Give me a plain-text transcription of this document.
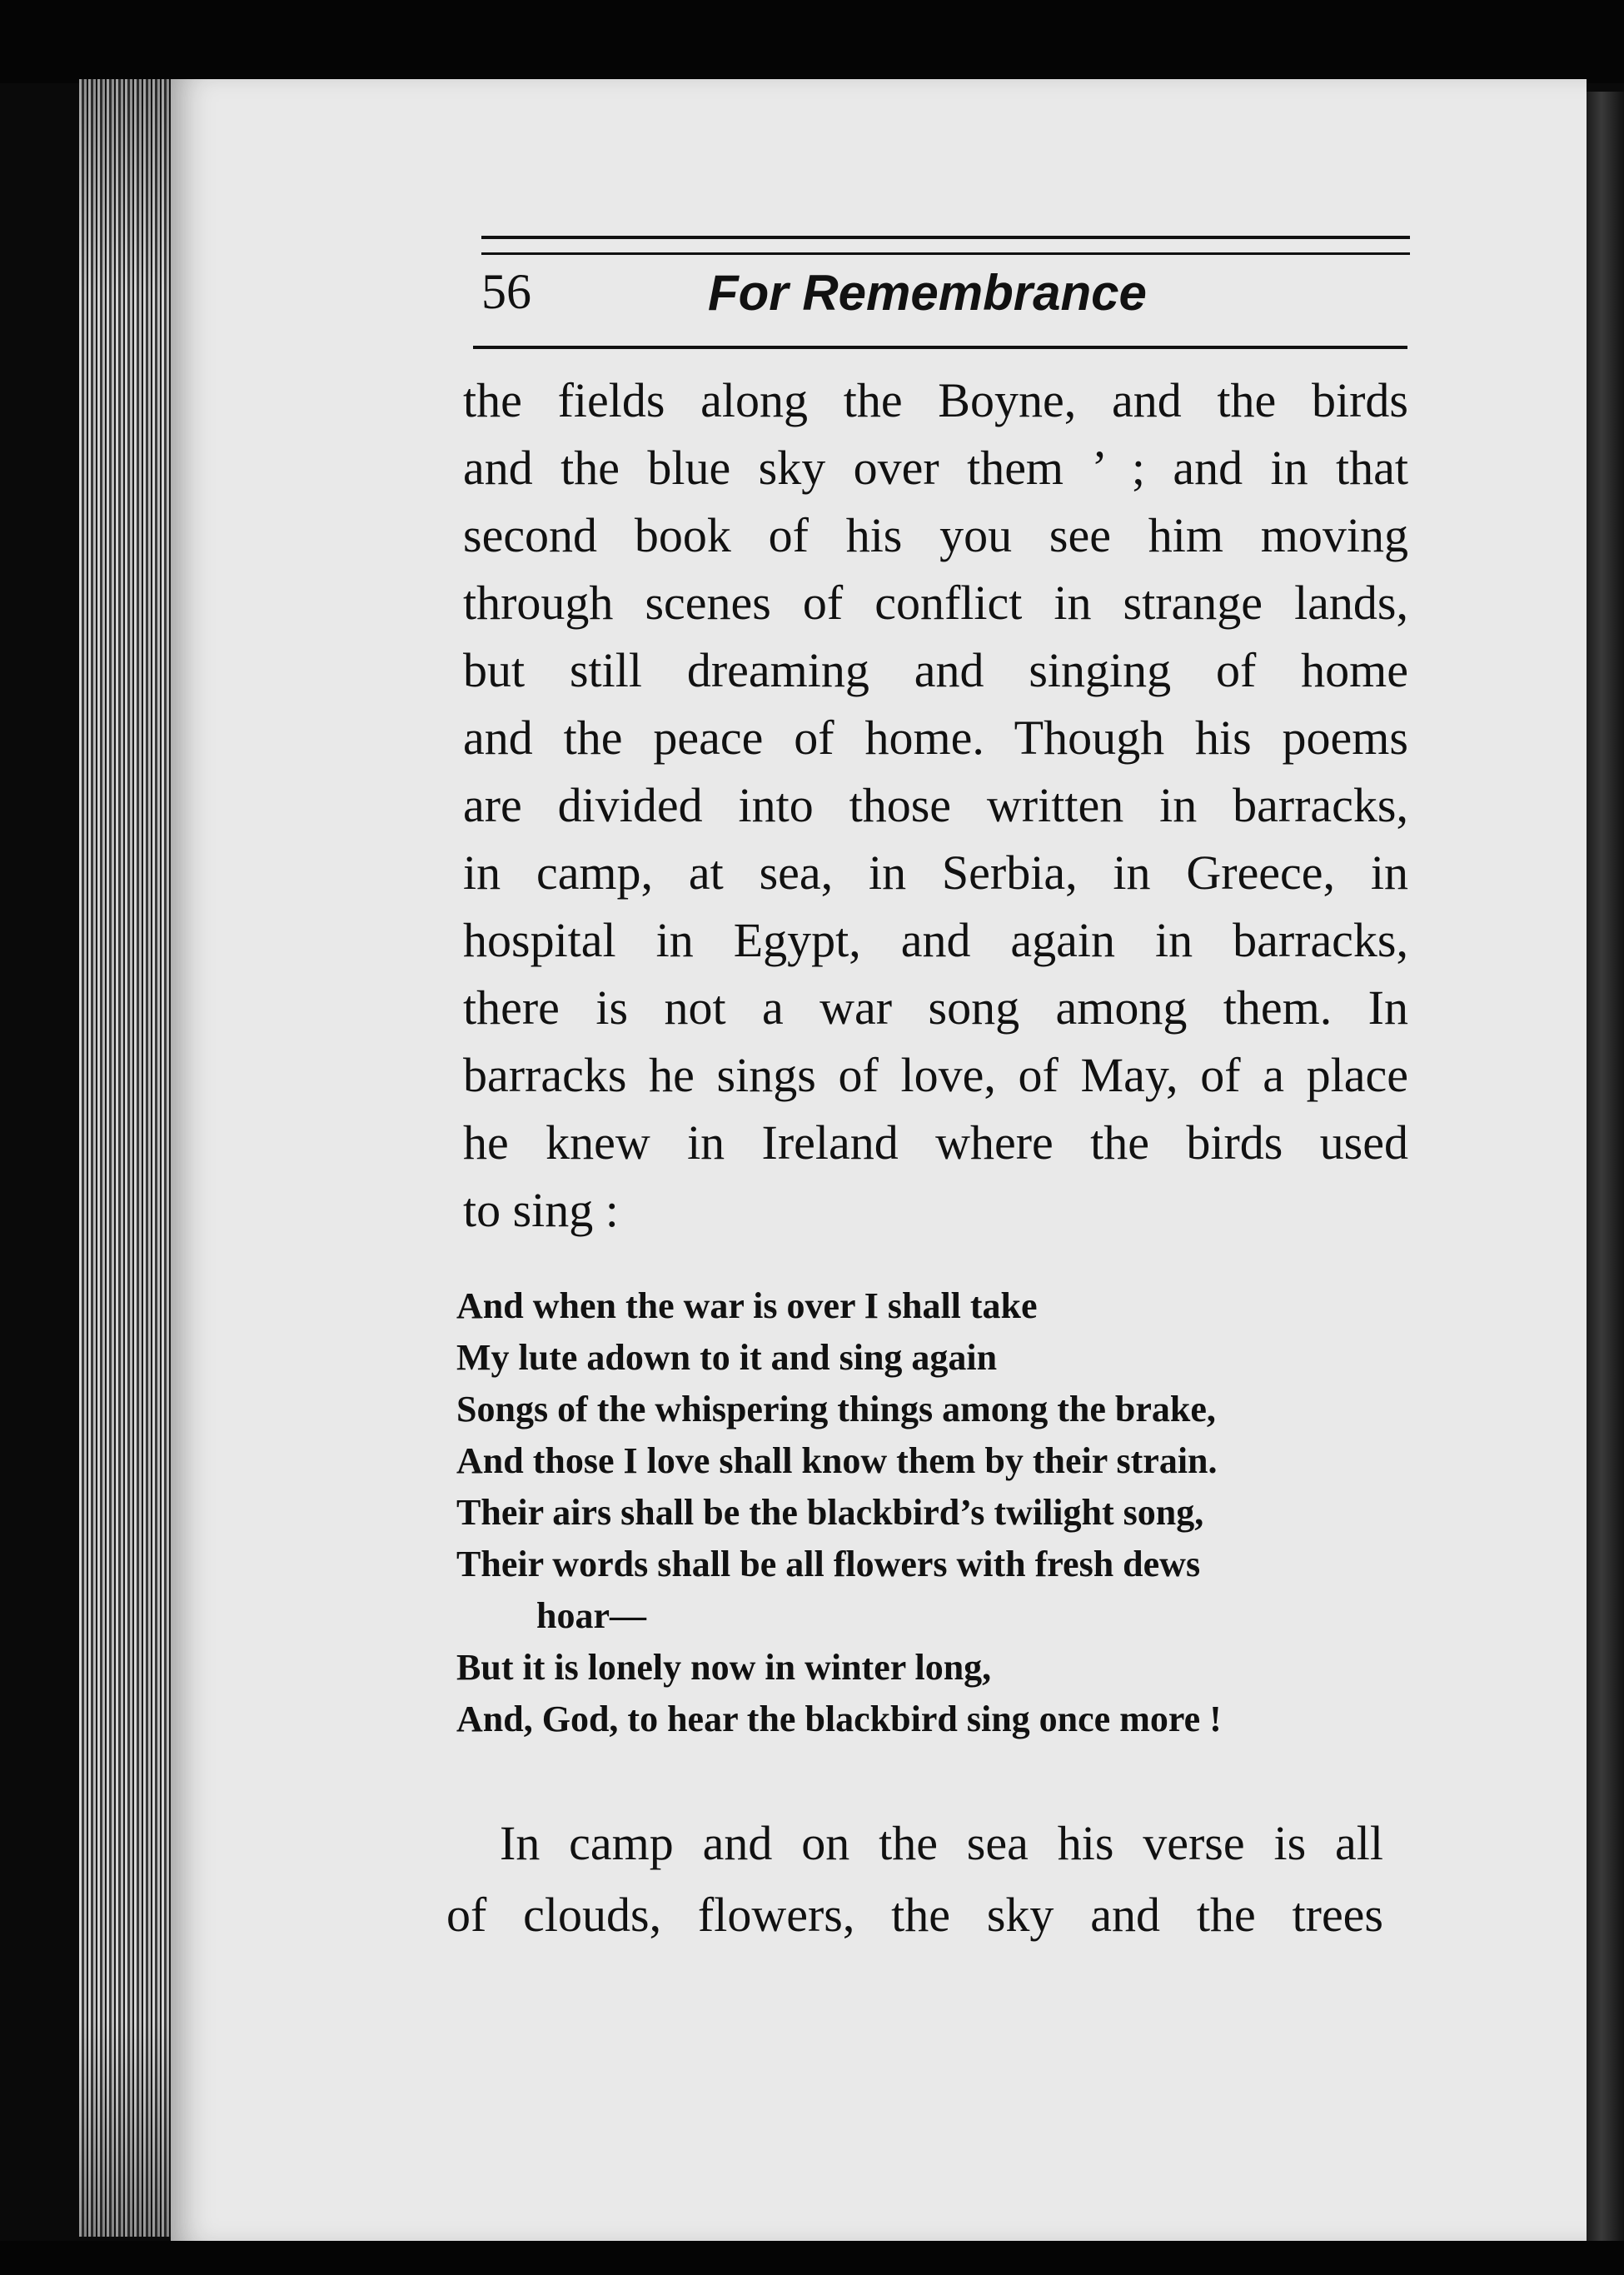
56	For Remembrance
the fields along the Boyne, and the birds
and the blue sky over them ’ ; and in that
second book of his you see him moving
through scenes of conflict in strange lands,
but still dreaming and singing of home
and the peace of home. Though his poems
are divided into those written in barracks,
in camp, at sea, in Serbia, in Greece, in
hospital in Egypt, and again in barracks,
there is not a war song among them. In
barracks he sings of love, of May, of a place
he knew in Ireland where the birds used
to sing :
And when the war is over I shall take
My lute adown to it and sing again
Songs of the whispering things among the brake,
And those I love shall know them by their strain.
Their airs shall be the blackbird’s twilight song,
Their words shall be all flowers with fresh dews
hoar—
But it is lonely now in winter long,
And, God, to hear the blackbird sing once more !
In camp and on the sea his verse is all
of clouds, flowers, the sky and the trees
